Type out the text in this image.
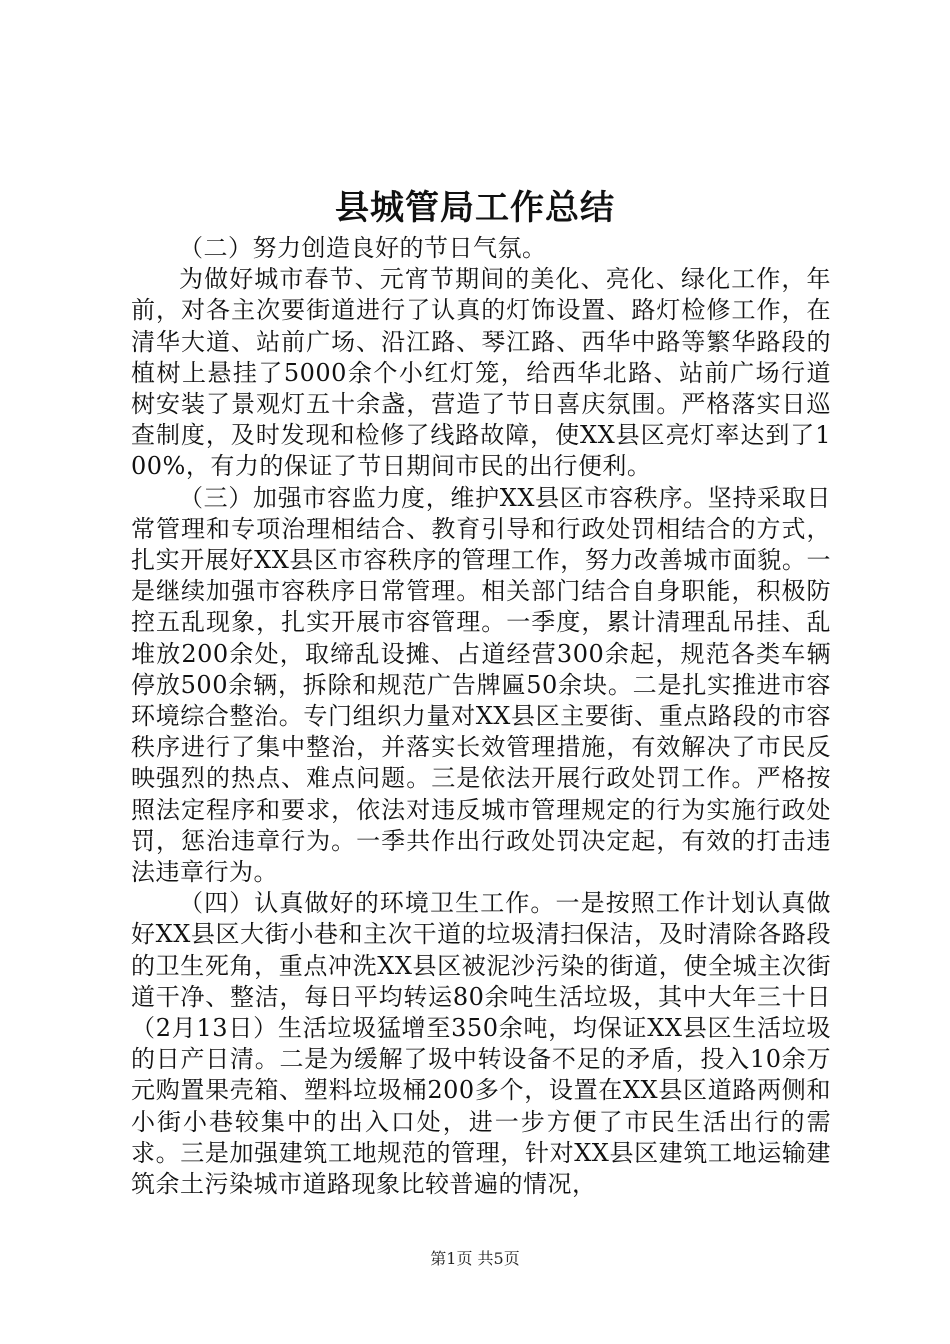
县城管局工作总结

（二）努力创造良好的节日气氛。

为做好城市春节、元宵节期间的美化、亮化、绿化工作，年前，对各主次要街道进行了认真的灯饰设置、路灯检修工作，在清华大道、站前广场、沿江路、琴江路、西华中路等繁华路段的植树上悬挂了5000余个小红灯笼，给西华北路、站前广场行道树安装了景观灯五十余盏，营造了节日喜庆氛围。严格落实日巡查制度，及时发现和检修了线路故障，使XX县区亮灯率达到了100%，有力的保证了节日期间市民的出行便利。

（三）加强市容监力度，维护XX县区市容秩序。坚持采取日常管理和专项治理相结合、教育引导和行政处罚相结合的方式，扎实开展好XX县区市容秩序的管理工作，努力改善城市面貌。一是继续加强市容秩序日常管理。相关部门结合自身职能，积极防控五乱现象，扎实开展市容管理。一季度，累计清理乱吊挂、乱堆放200余处，取缔乱设摊、占道经营300余起，规范各类车辆停放500余辆，拆除和规范广告牌匾50余块。二是扎实推进市容环境综合整治。专门组织力量对XX县区主要街、重点路段的市容秩序进行了集中整治，并落实长效管理措施，有效解决了市民反映强烈的热点、难点问题。三是依法开展行政处罚工作。严格按照法定程序和要求，依法对违反城市管理规定的行为实施行政处罚，惩治违章行为。一季共作出行政处罚决定起，有效的打击违法违章行为。

（四）认真做好的环境卫生工作。一是按照工作计划认真做好XX县区大街小巷和主次干道的垃圾清扫保洁，及时清除各路段的卫生死角，重点冲洗XX县区被泥沙污染的街道，使全城主次街道干净、整洁，每日平均转运80余吨生活垃圾，其中大年三十日（2月13日）生活垃圾猛增至350余吨，均保证XX县区生活垃圾的日产日清。二是为缓解了圾中转设备不足的矛盾，投入10余万元购置果壳箱、塑料垃圾桶200多个，设置在XX县区道路两侧和小街小巷较集中的出入口处，进一步方便了市民生活出行的需求。三是加强建筑工地规范的管理，针对XX县区建筑工地运输建筑余土污染城市道路现象比较普遍的情况，

第1页 共5页
